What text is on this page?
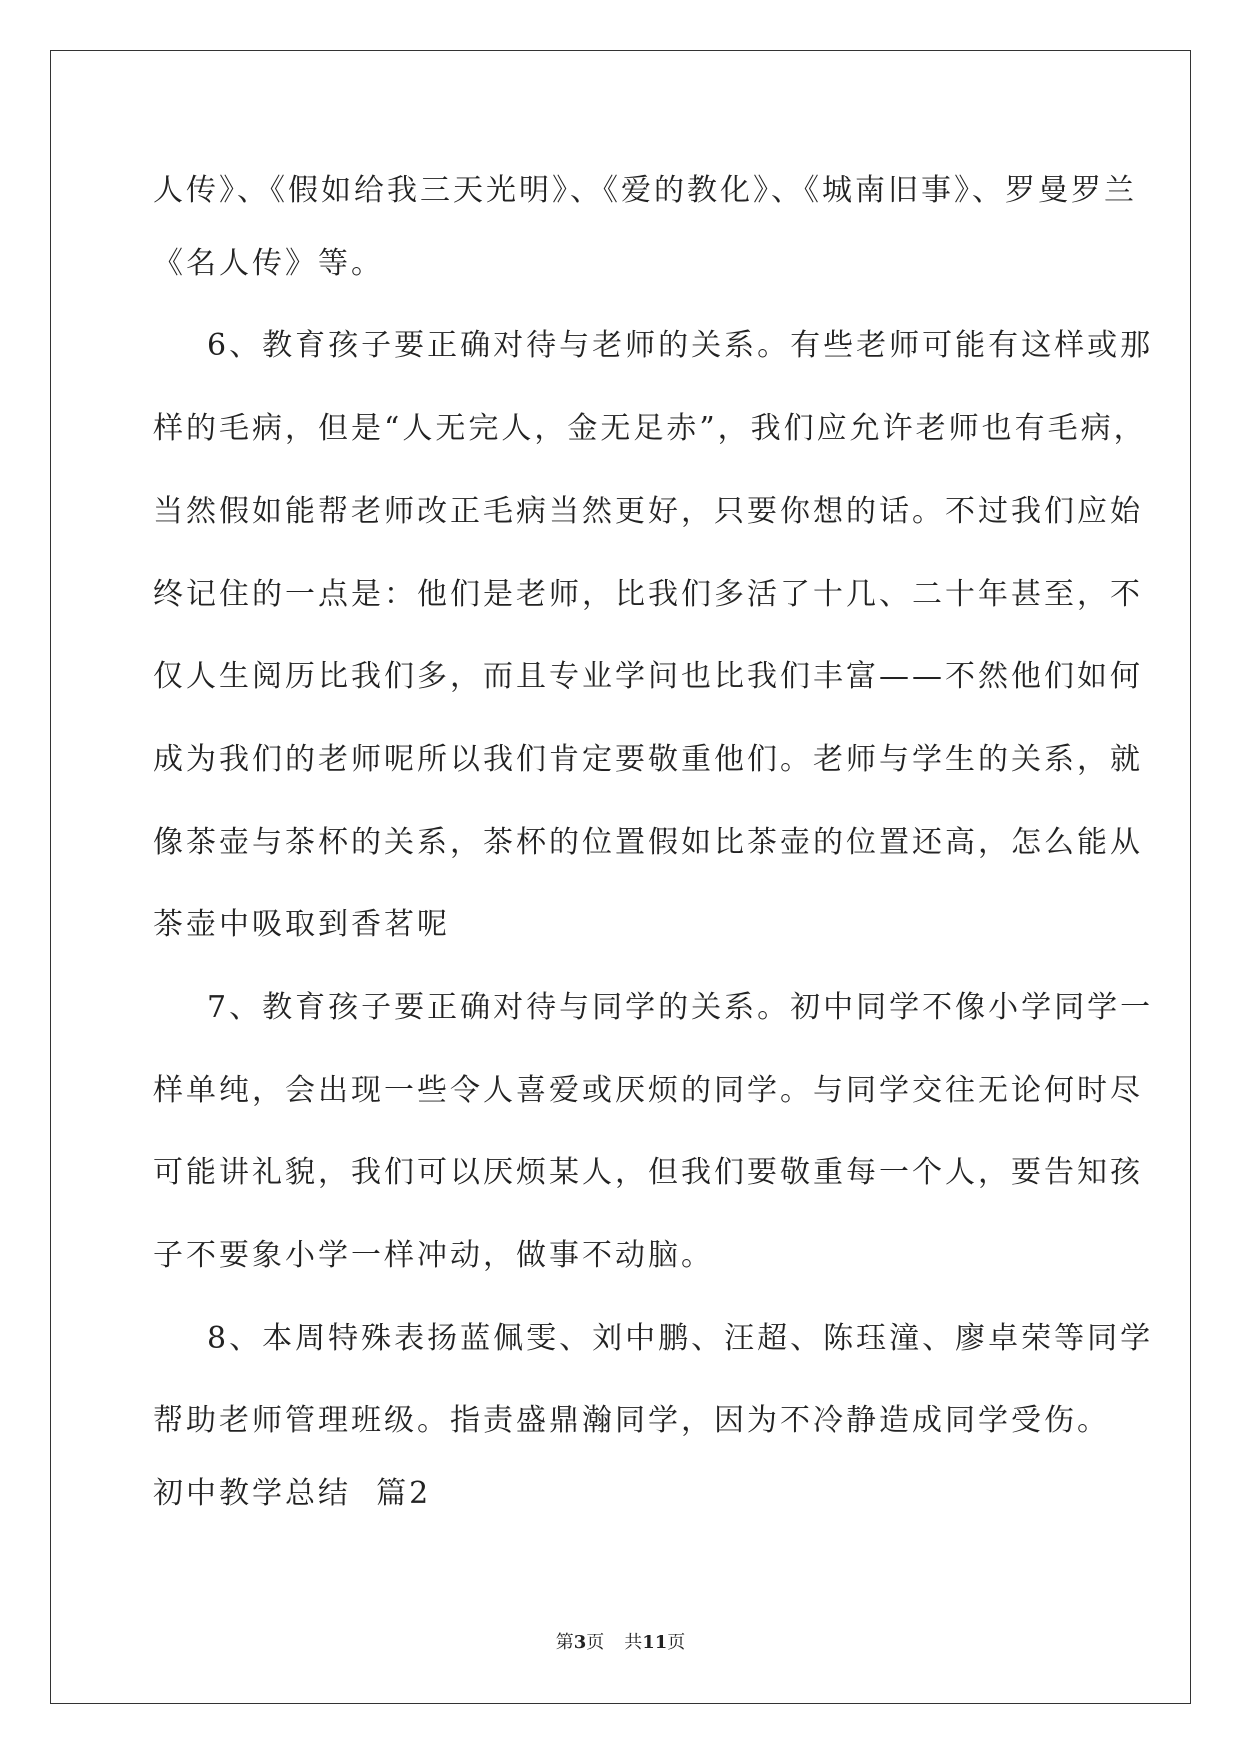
人传》、《假如给我三天光明》、《爱的教化》、《城南旧事》、罗曼罗兰
《名人传》等。
6、教育孩子要正确对待与老师的关系。有些老师可能有这样或那
样的毛病，但是“人无完人，金无足赤”，我们应允许老师也有毛病，
当然假如能帮老师改正毛病当然更好，只要你想的话。不过我们应始
终记住的一点是：他们是老师，比我们多活了十几、二十年甚至，不
仅人生阅历比我们多，而且专业学问也比我们丰富——不然他们如何
成为我们的老师呢所以我们肯定要敬重他们。老师与学生的关系，就
像茶壶与茶杯的关系，茶杯的位置假如比茶壶的位置还高，怎么能从
茶壶中吸取到香茗呢
7、教育孩子要正确对待与同学的关系。初中同学不像小学同学一
样单纯，会出现一些令人喜爱或厌烦的同学。与同学交往无论何时尽
可能讲礼貌，我们可以厌烦某人，但我们要敬重每一个人，要告知孩
子不要象小学一样冲动，做事不动脑。
8、本周特殊表扬蓝佩雯、刘中鹏、汪超、陈珏潼、廖卓荣等同学
帮助老师管理班级。指责盛鼎瀚同学，因为不冷静造成同学受伤。
初中教学总结  篇2
第3页 共11页
